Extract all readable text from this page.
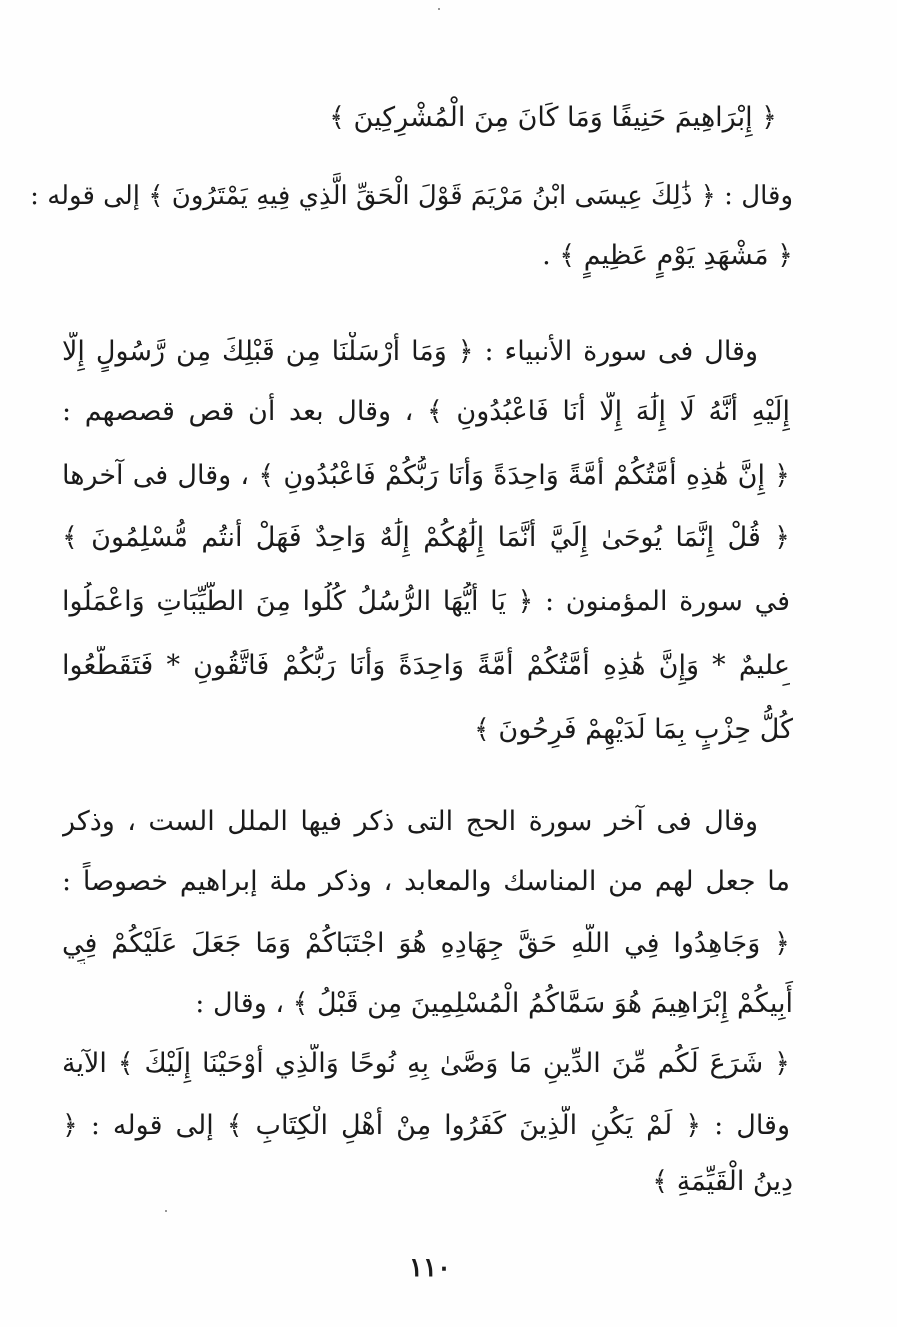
﴿ إِبْرَاهِيمَ حَنِيفًا وَمَا كَانَ مِنَ الْمُشْرِكِينَ ﴾
وقال : ﴿ ذَٰلِكَ عِيسَى ابْنُ مَرْيَمَ قَوْلَ الْحَقِّ الَّذِي فِيهِ يَمْتَرُونَ ﴾ إلى قوله :
﴿ مَشْهَدِ يَوْمٍ عَظِيمٍ ﴾ .
وقال فى سورة الأنبياء : ﴿ وَمَا أَرْسَلْنَا مِن قَبْلِكَ مِن رَّسُولٍ إِلَّا
إِلَيْهِ أَنَّهُ لَا إِلَٰهَ إِلَّا أَنَا فَاعْبُدُونِ ﴾ ، وقال بعد أن قص قصصهم :
﴿ إِنَّ هَٰذِهِ أُمَّتُكُمْ أُمَّةً وَاحِدَةً وَأَنَا رَبُّكُمْ فَاعْبُدُونِ ﴾ ، وقال فى آخرها
﴿ قُلْ إِنَّمَا يُوحَىٰ إِلَيَّ أَنَّمَا إِلَٰهُكُمْ إِلَٰهٌ وَاحِدٌ فَهَلْ أَنتُم مُّسْلِمُونَ ﴾
في سورة المؤمنون : ﴿ يَا أَيُّهَا الرُّسُلُ كُلُوا مِنَ الطَّيِّبَاتِ وَاعْمَلُوا
عليمٌ * وَإِنَّ هَٰذِهِ أُمَّتُكُمْ أُمَّةً وَاحِدَةً وَأَنَا رَبُّكُمْ فَاتَّقُونِ * فَتَقَطَّعُوا
كُلُّ حِزْبٍ بِمَا لَدَيْهِمْ فَرِحُونَ ﴾
وقال فى آخر سورة الحج التى ذكر فيها الملل الست ، وذكر
ما جعل لهم من المناسك والمعابد ، وذكر ملة إبراهيم خصوصاً :
﴿ وَجَاهِدُوا فِي اللَّهِ حَقَّ جِهَادِهِ هُوَ اجْتَبَاكُمْ وَمَا جَعَلَ عَلَيْكُمْ فِي
أَبِيكُمْ إِبْرَاهِيمَ هُوَ سَمَّاكُمُ الْمُسْلِمِينَ مِن قَبْلُ ﴾ ، وقال :
﴿ شَرَعَ لَكُم مِّنَ الدِّينِ مَا وَصَّىٰ بِهِ نُوحًا وَالَّذِي أَوْحَيْنَا إِلَيْكَ ﴾ الآية
وقال : ﴿ لَمْ يَكُنِ الَّذِينَ كَفَرُوا مِنْ أَهْلِ الْكِتَابِ ﴾ إلى قوله : ﴿
دِينُ الْقَيِّمَةِ ﴾
١١٠
